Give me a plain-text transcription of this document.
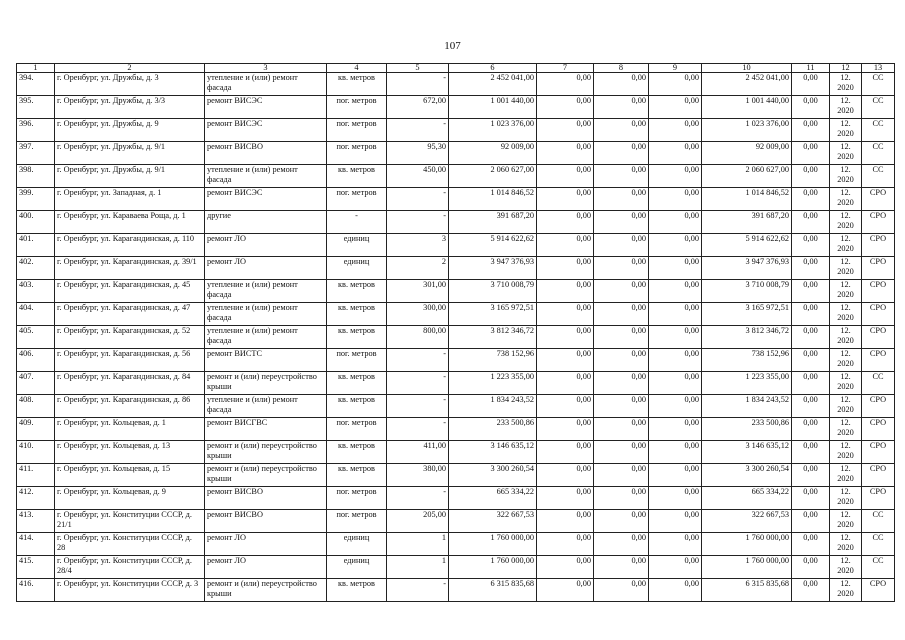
107
1	2	3	4	5	6	7	8	9	10	11	12	13
394.	г. Оренбург, ул. Дружбы, д. 3	утепление и (или) ремонт фасада	кв. метров	-	2 452 041,00	0,00	0,00	0,00	2 452 041,00	0,00	12. 2020	СС
395.	г. Оренбург, ул. Дружбы, д. 3/3	ремонт ВИСЭС	пог. метров	672,00	1 001 440,00	0,00	0,00	0,00	1 001 440,00	0,00	12. 2020	СС
396.	г. Оренбург, ул. Дружбы, д. 9	ремонт ВИСЭС	пог. метров	-	1 023 376,00	0,00	0,00	0,00	1 023 376,00	0,00	12. 2020	СС
397.	г. Оренбург, ул. Дружбы, д. 9/1	ремонт ВИСВО	пог. метров	95,30	92 009,00	0,00	0,00	0,00	92 009,00	0,00	12. 2020	СС
398.	г. Оренбург, ул. Дружбы, д. 9/1	утепление и (или) ремонт фасада	кв. метров	450,00	2 060 627,00	0,00	0,00	0,00	2 060 627,00	0,00	12. 2020	СС
399.	г. Оренбург, ул. Западная, д. 1	ремонт ВИСЭС	пог. метров	-	1 014 846,52	0,00	0,00	0,00	1 014 846,52	0,00	12. 2020	СРО
400.	г. Оренбург, ул. Караваева Роща, д. 1	другие	-	-	391 687,20	0,00	0,00	0,00	391 687,20	0,00	12. 2020	СРО
401.	г. Оренбург, ул. Карагандинская, д. 110	ремонт ЛО	единиц	3	5 914 622,62	0,00	0,00	0,00	5 914 622,62	0,00	12. 2020	СРО
402.	г. Оренбург, ул. Карагандинская, д. 39/1	ремонт ЛО	единиц	2	3 947 376,93	0,00	0,00	0,00	3 947 376,93	0,00	12. 2020	СРО
403.	г. Оренбург, ул. Карагандинская, д. 45	утепление и (или) ремонт фасада	кв. метров	301,00	3 710 008,79	0,00	0,00	0,00	3 710 008,79	0,00	12. 2020	СРО
404.	г. Оренбург, ул. Карагандинская, д. 47	утепление и (или) ремонт фасада	кв. метров	300,00	3 165 972,51	0,00	0,00	0,00	3 165 972,51	0,00	12. 2020	СРО
405.	г. Оренбург, ул. Карагандинская, д. 52	утепление и (или) ремонт фасада	кв. метров	800,00	3 812 346,72	0,00	0,00	0,00	3 812 346,72	0,00	12. 2020	СРО
406.	г. Оренбург, ул. Карагандинская, д. 56	ремонт ВИСТС	пог. метров	-	738 152,96	0,00	0,00	0,00	738 152,96	0,00	12. 2020	СРО
407.	г. Оренбург, ул. Карагандинская, д. 84	ремонт и (или) переустройство крыши	кв. метров	-	1 223 355,00	0,00	0,00	0,00	1 223 355,00	0,00	12. 2020	СС
408.	г. Оренбург, ул. Карагандинская, д. 86	утепление и (или) ремонт фасада	кв. метров	-	1 834 243,52	0,00	0,00	0,00	1 834 243,52	0,00	12. 2020	СРО
409.	г. Оренбург, ул. Кольцевая, д. 1	ремонт ВИСГВС	пог. метров	-	233 500,86	0,00	0,00	0,00	233 500,86	0,00	12. 2020	СРО
410.	г. Оренбург, ул. Кольцевая, д. 13	ремонт и (или) переустройство крыши	кв. метров	411,00	3 146 635,12	0,00	0,00	0,00	3 146 635,12	0,00	12. 2020	СРО
411.	г. Оренбург, ул. Кольцевая, д. 15	ремонт и (или) переустройство крыши	кв. метров	380,00	3 300 260,54	0,00	0,00	0,00	3 300 260,54	0,00	12. 2020	СРО
412.	г. Оренбург, ул. Кольцевая, д. 9	ремонт ВИСВО	пог. метров	-	665 334,22	0,00	0,00	0,00	665 334,22	0,00	12. 2020	СРО
413.	г. Оренбург, ул. Конституции СССР, д. 21/1	ремонт ВИСВО	пог. метров	205,00	322 667,53	0,00	0,00	0,00	322 667,53	0,00	12. 2020	СС
414.	г. Оренбург, ул. Конституции СССР, д. 28	ремонт ЛО	единиц	1	1 760 000,00	0,00	0,00	0,00	1 760 000,00	0,00	12. 2020	СС
415.	г. Оренбург, ул. Конституции СССР, д. 28/4	ремонт ЛО	единиц	1	1 760 000,00	0,00	0,00	0,00	1 760 000,00	0,00	12. 2020	СС
416.	г. Оренбург, ул. Конституции СССР, д. 3	ремонт и (или) переустройство крыши	кв. метров	-	6 315 835,68	0,00	0,00	0,00	6 315 835,68	0,00	12. 2020	СРО
